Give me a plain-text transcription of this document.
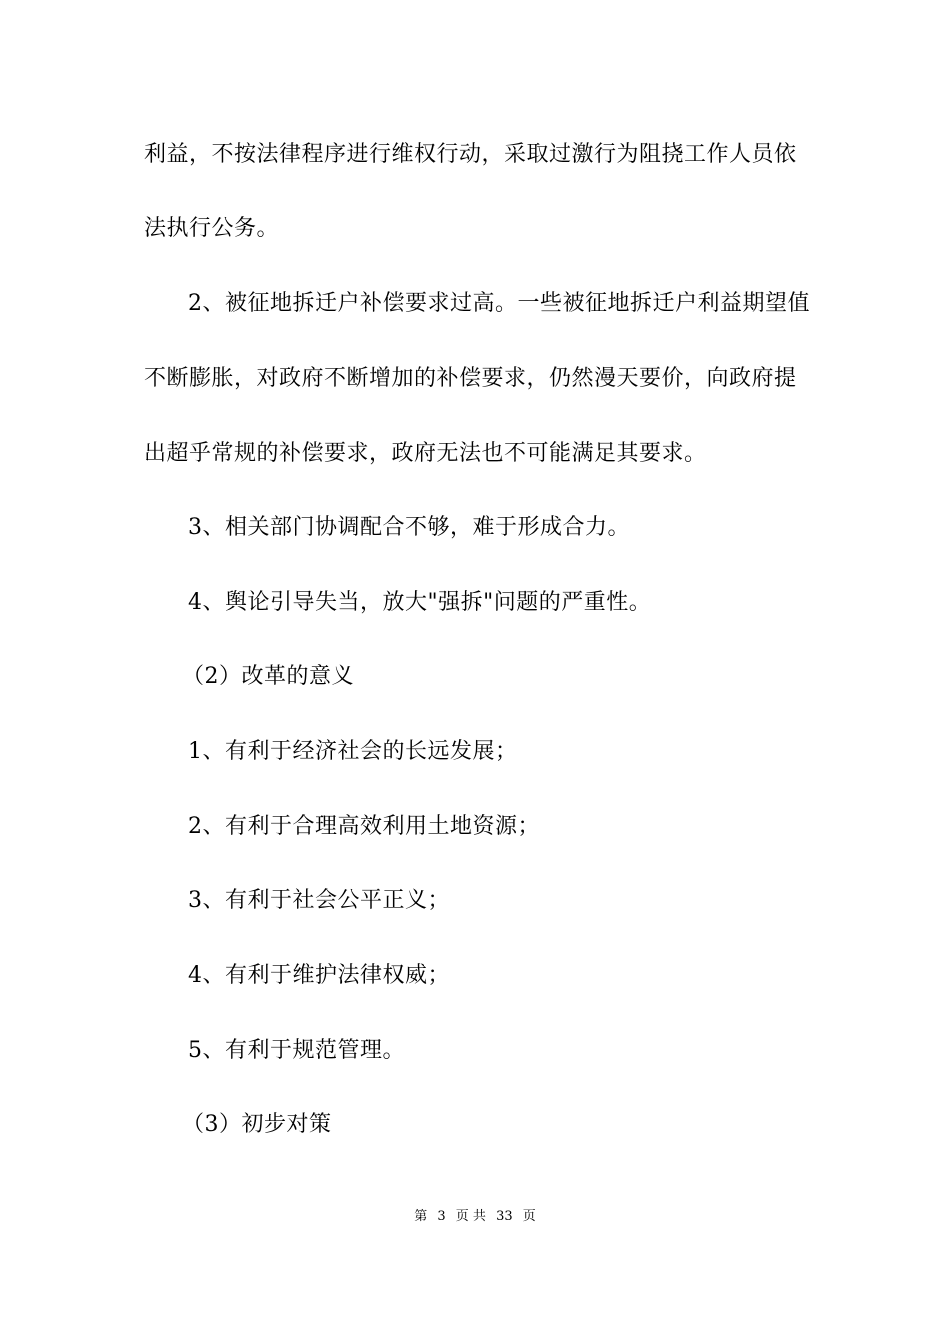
利益，不按法律程序进行维权行动，采取过激行为阻挠工作人员依
法执行公务。
2、被征地拆迁户补偿要求过高。一些被征地拆迁户利益期望值
不断膨胀，对政府不断增加的补偿要求，仍然漫天要价，向政府提
出超乎常规的补偿要求，政府无法也不可能满足其要求。
3、相关部门协调配合不够，难于形成合力。
4、舆论引导失当，放大"强拆"问题的严重性。
（2）改革的意义
1、有利于经济社会的长远发展；
2、有利于合理高效利用土地资源；
3、有利于社会公平正义；
4、有利于维护法律权威；
5、有利于规范管理。
（3）初步对策
第 3 页 共 33 页
